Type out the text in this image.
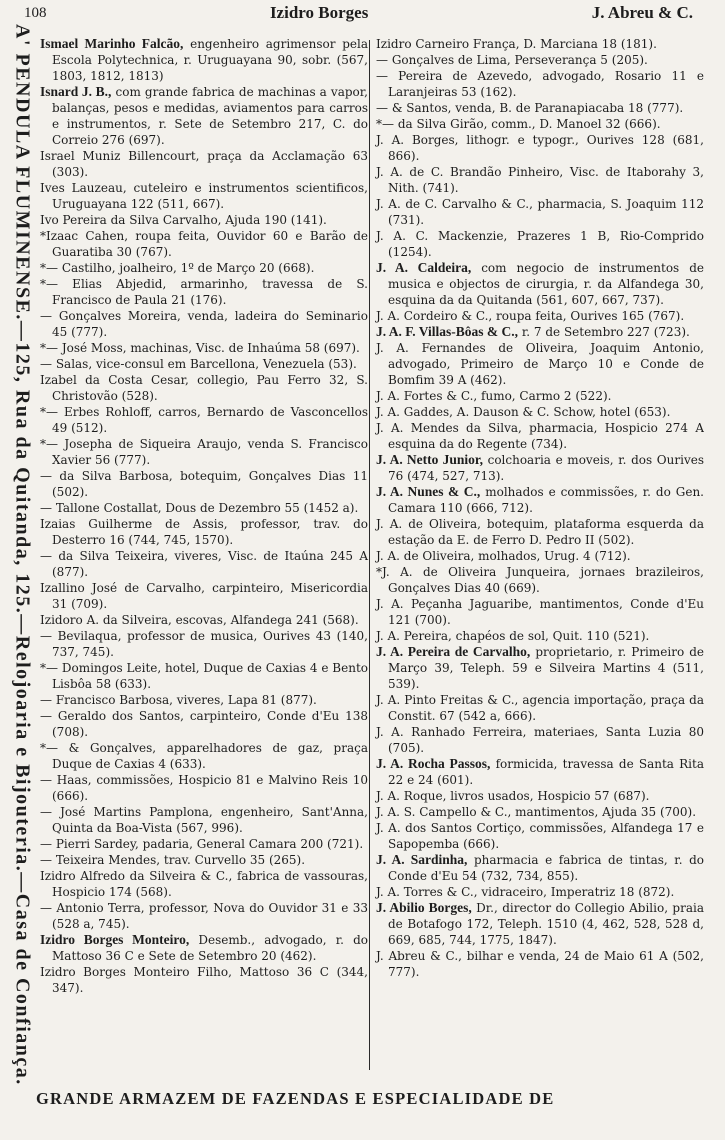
108	Izidro Borges	J. Abreu & C.
A' PENDULA FLUMINENSE.—125, Rua da Quitanda, 125.—Relojoaria e Bijouteria.—Casa de Confiança. Ismael Marinho Falcão, engenheiro agrimensor pela Escola Polytechnica, r. Uruguayana 90, sobr. (567, 1803, 1812, 1813)

Isnard J. B., com grande fabrica de machinas a vapor, balanças, pesos e medidas, aviamentos para carros e instrumentos, r. Sete de Setembro 217, C. do Correio 276 (697).

Israel Muniz Billencourt, praça da Acclamação 63 (303).

Ives Lauzeau, cuteleiro e instrumentos scientificos, Uruguayana 122 (511, 667).

Ivo Pereira da Silva Carvalho, Ajuda 190 (141).

*Izaac Cahen, roupa feita, Ouvidor 60 e Barão de Guaratiba 30 (767).

*— Castilho, joalheiro, 1º de Março 20 (668).

*— Elias Abjedid, armarinho, travessa de S. Francisco de Paula 21 (176).

— Gonçalves Moreira, venda, ladeira do Seminario 45 (777).

*— José Moss, machinas, Visc. de Inhaúma 58 (697).

— Salas, vice-consul em Barcellona, Venezuela (53).

Izabel da Costa Cesar, collegio, Pau Ferro 32, S. Christovão (528).

*— Erbes Rohloff, carros, Bernardo de Vasconcellos 49 (512).

*— Josepha de Siqueira Araujo, venda S. Francisco Xavier 56 (777).

— da Silva Barbosa, botequim, Gonçalves Dias 11 (502).

— Tallone Costallat, Dous de Dezembro 55 (1452 a).

Izaias Guilherme de Assis, professor, trav. do Desterro 16 (744, 745, 1570).

— da Silva Teixeira, viveres, Visc. de Itaúna 245 A (877).

Izallino José de Carvalho, carpinteiro, Misericordia 31 (709).

Izidoro A. da Silveira, escovas, Alfandega 241 (568).

— Bevilaqua, professor de musica, Ourives 43 (140, 737, 745).

*— Domingos Leite, hotel, Duque de Caxias 4 e Bento Lisbôa 58 (633).

— Francisco Barbosa, viveres, Lapa 81 (877).

— Geraldo dos Santos, carpinteiro, Conde d'Eu 138 (708).

*— & Gonçalves, apparelhadores de gaz, praça Duque de Caxias 4 (633).

— Haas, commissões, Hospicio 81 e Malvino Reis 10 (666).

— José Martins Pamplona, engenheiro, Sant'Anna, Quinta da Boa-Vista (567, 996).

— Pierri Sardey, padaria, General Camara 200 (721).

— Teixeira Mendes, trav. Curvello 35 (265).

Izidro Alfredo da Silveira & C., fabrica de vassouras, Hospicio 174 (568).

— Antonio Terra, professor, Nova do Ouvidor 31 e 33 (528 a, 745).

Izidro Borges Monteiro, Desemb., advogado, r. do Mattoso 36 C e Sete de Setembro 20 (462).

Izidro Borges Monteiro Filho, Mattoso 36 C (344, 347).

Izidro Carneiro França, D. Marciana 18 (181).

— Gonçalves de Lima, Perseverança 5 (205).

— Pereira de Azevedo, advogado, Rosario 11 e Laranjeiras 53 (162).

— & Santos, venda, B. de Paranapiacaba 18 (777).

*— da Silva Girão, comm., D. Manoel 32 (666).

J. A. Borges, lithogr. e typogr., Ourives 128 (681, 866).

J. A. de C. Brandão Pinheiro, Visc. de Itaborahy 3, Nith. (741).

J. A. de C. Carvalho & C., pharmacia, S. Joaquim 112 (731).

J. A. C. Mackenzie, Prazeres 1 B, Rio-Comprido (1254).

J. A. Caldeira, com negocio de instrumentos de musica e objectos de cirurgia, r. da Alfandega 30, esquina da da Quitanda (561, 607, 667, 737).

J. A. Cordeiro & C., roupa feita, Ourives 165 (767).

J. A. F. Villas-Bôas & C., r. 7 de Setembro 227 (723).

J. A. Fernandes de Oliveira, Joaquim Antonio, advogado, Primeiro de Março 10 e Conde de Bomfim 39 A (462).

J. A. Fortes & C., fumo, Carmo 2 (522).

J. A. Gaddes, A. Dauson & C. Schow, hotel (653).

J. A. Mendes da Silva, pharmacia, Hospicio 274 A esquina da do Regente (734).

J. A. Netto Junior, colchoaria e moveis, r. dos Ourives 76 (474, 527, 713).

J. A. Nunes & C., molhados e commissões, r. do Gen. Camara 110 (666, 712).

J. A. de Oliveira, botequim, plataforma esquerda da estação da E. de Ferro D. Pedro II (502).

J. A. de Oliveira, molhados, Urug. 4 (712).

*J. A. de Oliveira Junqueira, jornaes brazileiros, Gonçalves Dias 40 (669).

J. A. Peçanha Jaguaribe, mantimentos, Conde d'Eu 121 (700).

J. A. Pereira, chapéos de sol, Quit. 110 (521).

J. A. Pereira de Carvalho, proprietario, r. Primeiro de Março 39, Teleph. 59 e Silveira Martins 4 (511, 539).

J. A. Pinto Freitas & C., agencia importação, praça da Constit. 67 (542 a, 666).

J. A. Ranhado Ferreira, materiaes, Santa Luzia 80 (705).

J. A. Rocha Passos, formicida, travessa de Santa Rita 22 e 24 (601).

J. A. Roque, livros usados, Hospicio 57 (687).

J. A. S. Campello & C., mantimentos, Ajuda 35 (700).

J. A. dos Santos Cortiço, commissões, Alfandega 17 e Sapopemba (666).

J. A. Sardinha, pharmacia e fabrica de tintas, r. do Conde d'Eu 54 (732, 734, 855).

J. A. Torres & C., vidraceiro, Imperatriz 18 (872).

J. Abilio Borges, Dr., director do Collegio Abilio, praia de Botafogo 172, Teleph. 1510 (4, 462, 528, 528 d, 669, 685, 744, 1775, 1847).

J. Abreu & C., bilhar e venda, 24 de Maio 61 A (502, 777).

GRANDE ARMAZEM DE FAZENDAS E ESPECIALIDADE DE
